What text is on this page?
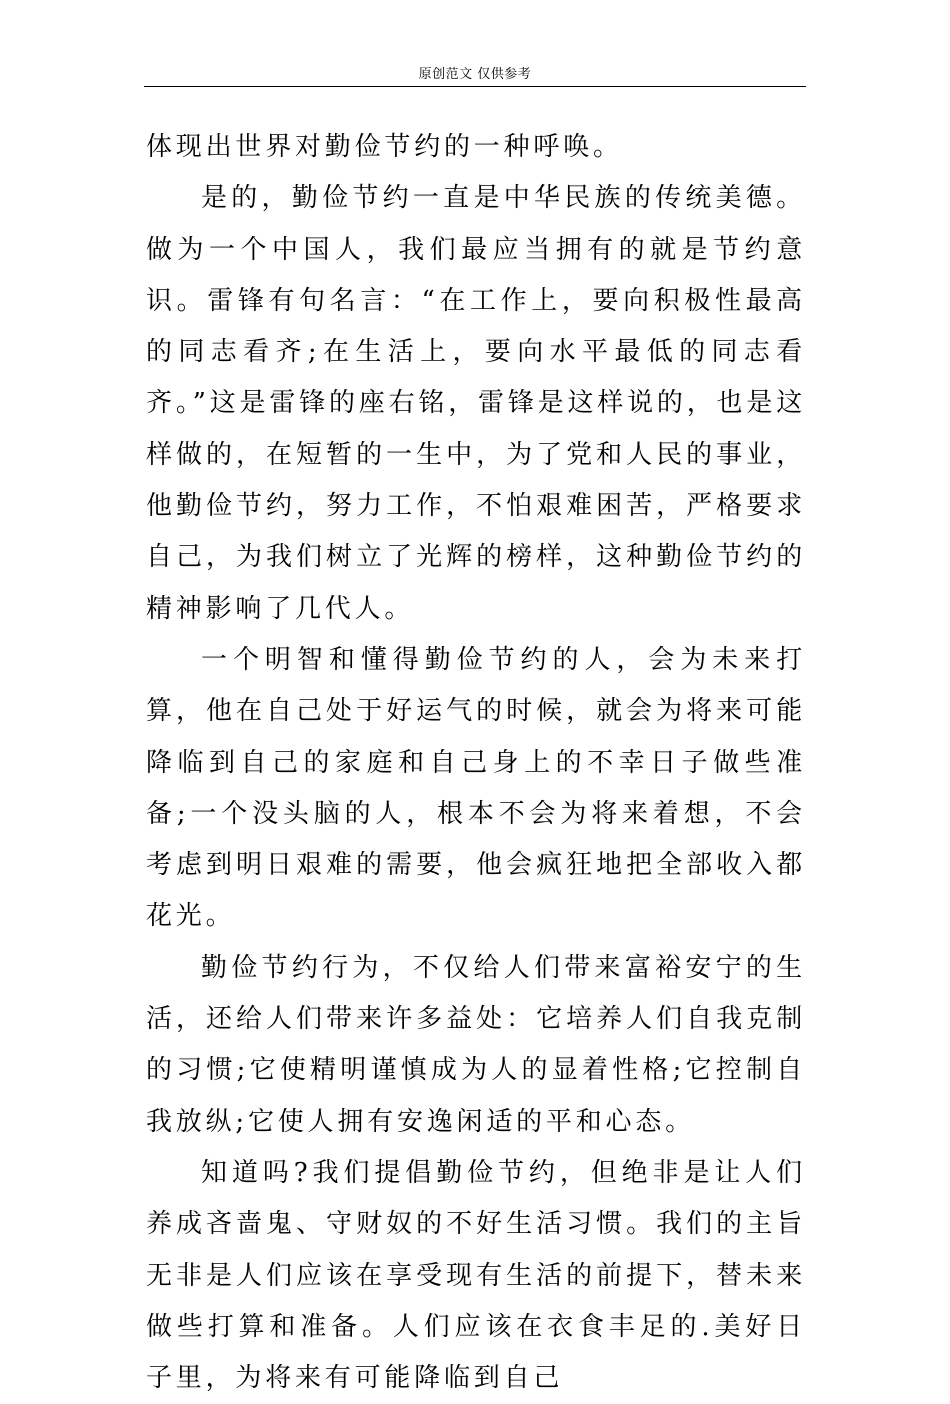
原创范文 仅供参考

体现出世界对勤俭节约的一种呼唤。

是的，勤俭节约一直是中华民族的传统美德。做为一个中国人，我们最应当拥有的就是节约意识。雷锋有句名言：“在工作上，要向积极性最高的同志看齐;在生活上，要向水平最低的同志看齐。”这是雷锋的座右铭，雷锋是这样说的，也是这样做的，在短暂的一生中，为了党和人民的事业，他勤俭节约，努力工作，不怕艰难困苦，严格要求自己，为我们树立了光辉的榜样，这种勤俭节约的精神影响了几代人。

一个明智和懂得勤俭节约的人，会为未来打算，他在自己处于好运气的时候，就会为将来可能降临到自己的家庭和自己身上的不幸日子做些准备;一个没头脑的人，根本不会为将来着想，不会考虑到明日艰难的需要，他会疯狂地把全部收入都花光。

勤俭节约行为，不仅给人们带来富裕安宁的生活，还给人们带来许多益处：它培养人们自我克制的习惯;它使精明谨慎成为人的显着性格;它控制自我放纵;它使人拥有安逸闲适的平和心态。

知道吗?我们提倡勤俭节约，但绝非是让人们养成吝啬鬼、守财奴的不好生活习惯。我们的主旨无非是人们应该在享受现有生活的前提下，替未来做些打算和准备。人们应该在衣食丰足的.美好日子里，为将来有可能降临到自己
